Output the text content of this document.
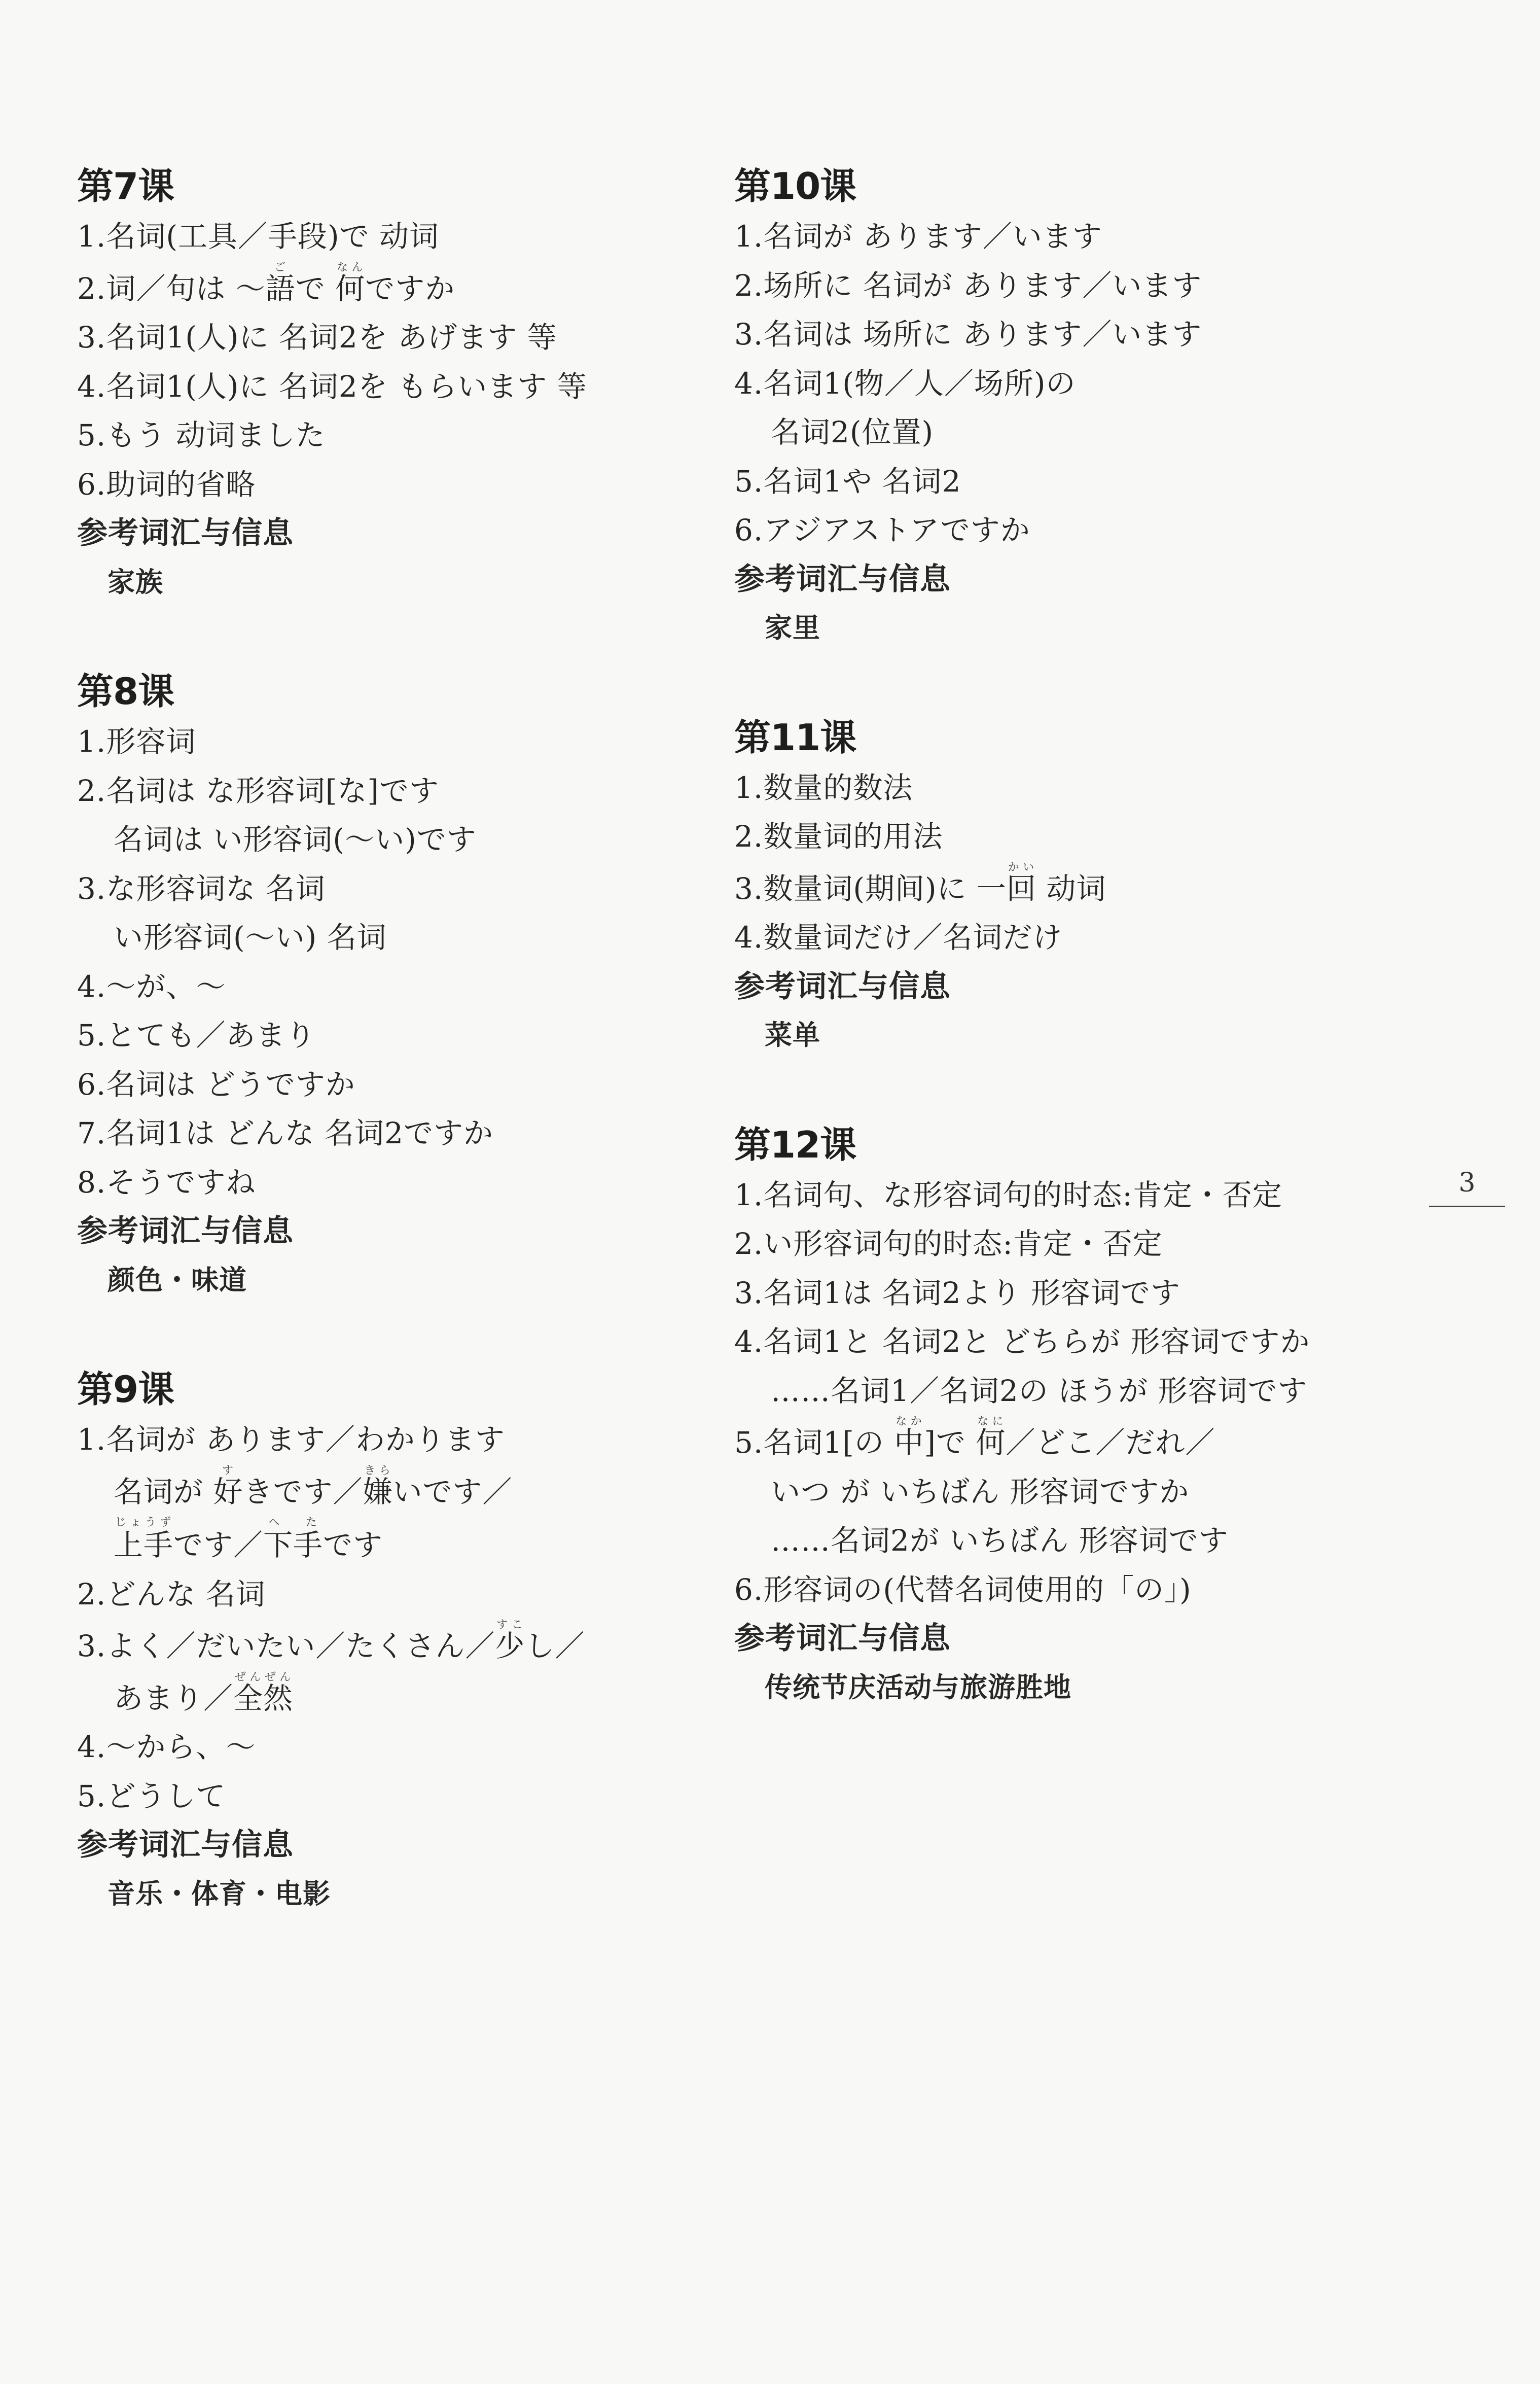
第7课
1.名词(工具／手段)で 动词
2.词／句は ～語ごで 何なんですか
3.名词1(人)に 名词2を あげます 等
4.名词1(人)に 名词2を もらいます 等
5.もう 动词ました
6.助词的省略
参考词汇与信息
家族
第8课
1.形容词
2.名词は な形容词[な]です
名词は い形容词(～い)です
3.な形容词な 名词
い形容词(～い) 名词
4.～が、～
5.とても／あまり
6.名词は どうですか
7.名词1は どんな 名词2ですか
8.そうですね
参考词汇与信息
颜色・味道
第9课
1.名词が あります／わかります
名词が 好すきです／嫌きらいです／
上手じょうずです／下手へ たです
2.どんな 名词
3.よく／だいたい／たくさん／少すこし／
あまり／全然ぜんぜん
4.～から、～
5.どうして
参考词汇与信息
音乐・体育・电影
第10课
1.名词が あります／います
2.场所に 名词が あります／います
3.名词は 场所に あります／います
4.名词1(物／人／场所)の
名词2(位置)
5.名词1や 名词2
6.アジアストアですか
参考词汇与信息
家里
第11课
1.数量的数法
2.数量词的用法
3.数量词(期间)に 一回かい 动词
4.数量词だけ／名词だけ
参考词汇与信息
菜单
第12课
1.名词句、な形容词句的时态:肯定・否定
2.い形容词句的时态:肯定・否定
3.名词1は 名词2より 形容词です
4.名词1と 名词2と どちらが 形容词ですか
……名词1／名词2の ほうが 形容词です
5.名词1[の 中なか]で 何なに／どこ／だれ／
いつ が いちばん 形容词ですか
……名词2が いちばん 形容词です
6.形容词の(代替名词使用的「の」)
参考词汇与信息
传统节庆活动与旅游胜地
3
